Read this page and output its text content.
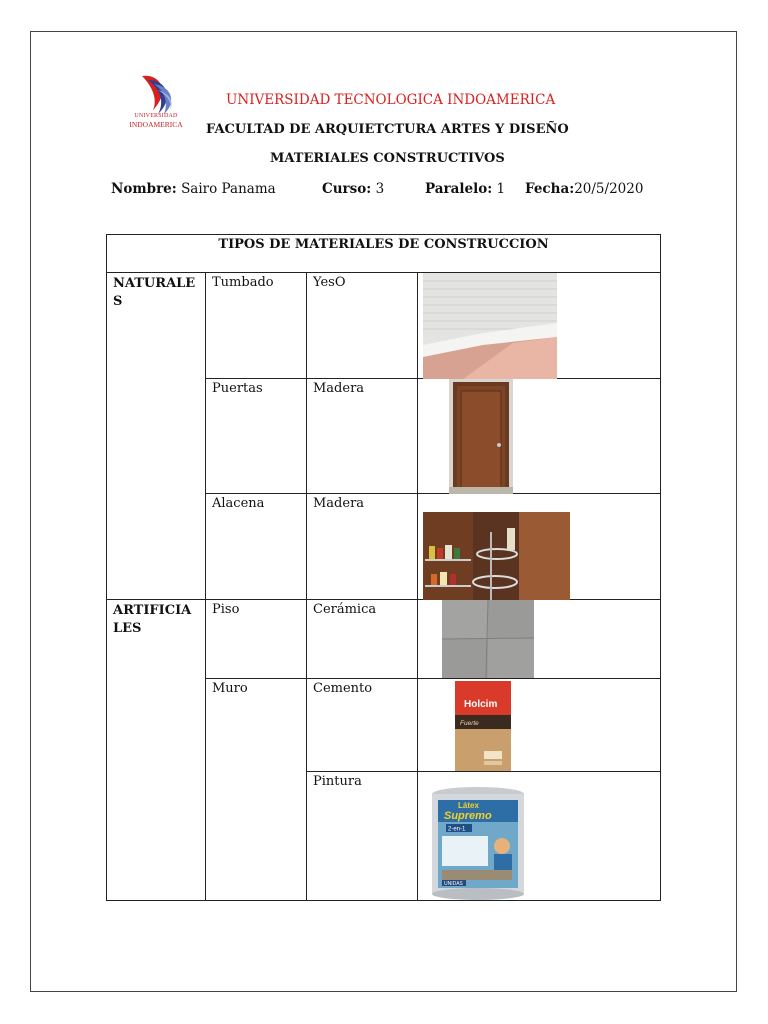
UNIVERSIDAD
INDOAMERICA
UNIVERSIDAD TECNOLOGICA INDOAMERICA
FACULTAD DE ARQUIETCTURA ARTES Y DISEÑO
MATERIALES CONSTRUCTIVOS
Nombre: Sairo Panama	Curso: 3	Paralelo: 1 Fecha:20/5/2020
TIPOS DE MATERIALES DE CONSTRUCCION			

NATURALE
S	Tumbado	YesO	

	Puertas	Madera	

	Alacena	Madera	

ARTIFICIA
LES	Piso	Cerámica	

	Muro	Cemento	Holcim
Fuerte

		Pintura	Látex
Supremo
2-en-1
UNIDAS
